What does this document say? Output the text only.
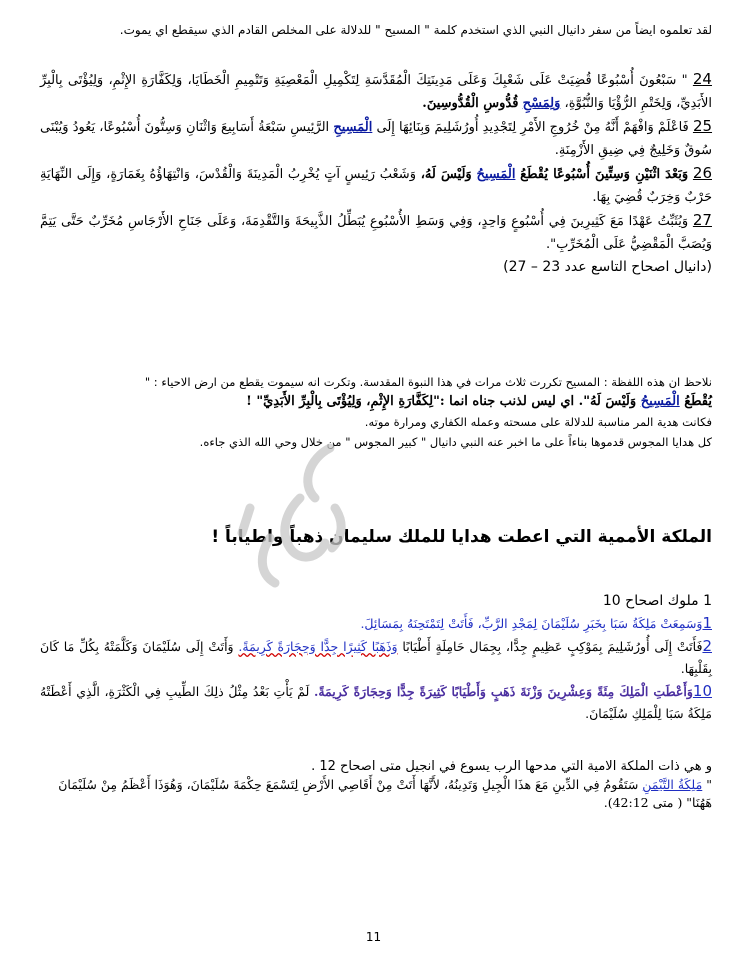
لقد تعلموه ايضاً من سفر دانيال النبي الذي استخدم كلمة " المسيح " للدلالة على المخلص القادم الذي سيقطع اي يموت.

24 " سَبْعُونَ أُسْبُوعًا قُضِيَتْ عَلَى شَعْبِكَ وَعَلَى مَدِينَتِكَ الْمُقَدَّسَةِ لِتَكْمِيلِ الْمَعْصِيَةِ وَتَتْمِيمِ الْخَطَايَا، وَلِكَفَّارَةِ الإِثْمِ، وَلِيُؤْتَى بِالْبِرِّ الأَبَدِيِّ، وَلِخَتْمِ الرُّؤْيَا وَالنُّبُوَّةِ، وَلِمَسْحِ قُدُّوسِ الْقُدُّوسِينَ.

25 فَاعْلَمْ وَافْهَمْ أَنَّهُ مِنْ خُرُوجِ الأَمْرِ لِتَجْدِيدِ أُورُشَلِيمَ وَبِنَائِهَا إِلَى الْمَسِيحِ الرَّئِيسِ سَبْعَةُ أَسَابِيعَ وَاثْنَانِ وَسِتُّونَ أُسْبُوعًا، يَعُودُ وَيُبْنَى سُوقٌ وَخَلِيجٌ فِي ضِيقِ الأَزْمِنَةِ.

26 وَبَعْدَ اثْنَيْنِ وَسِتِّينَ أُسْبُوعًا يُقْطَعُ الْمَسِيحُ وَلَيْسَ لَهُ، وَشَعْبُ رَئِيسٍ آتٍ يُخْرِبُ الْمَدِينَةَ وَالْقُدْسَ، وَانْتِهَاؤُهُ بِغَمَارَةٍ، وَإِلَى النِّهَايَةِ حَرْبٌ وَخِرَبٌ قُضِيَ بِهَا.

27 وَيُثَبِّتُ عَهْدًا مَعَ كَثِيرِينَ فِي أُسْبُوعٍ وَاحِدٍ، وَفِي وَسَطِ الأُسْبُوعِ يُبَطِّلُ الذَّبِيحَةَ وَالتَّقْدِمَةَ، وَعَلَى جَنَاحِ الأَرْجَاسِ مُخَرِّبٌ حَتَّى يَتِمَّ وَيُصَبَّ الْمَقْضِيُّ عَلَى الْمُخَرِّبِ".

(دانيال اصحاح التاسع عدد 23 – 27)

نلاحظ ان هذه اللفظة : المسيح تكررت ثلاث مرات في هذا النبوة المقدسة. وتكرت انه سيموت يقطع من ارض الاحياء : "

يُقْطَعُ الْمَسِيحُ وَلَيْسَ لَهُ". اي ليس لذنب جناه انما :"لِكَفَّارَةِ الإِثْمِ، وَلِيُؤْتَى بِالْبِرِّ الأَبَدِيِّ" !

فكانت هدية المر مناسبة للدلالة على مسحته وعمله الكفاري ومرارة موته.

كل هدايا المجوس قدموها بناءاً على ما اخبر عنه النبي دانيال " كبير المجوس " من خلال وحي الله الذي جاءه.

الملكة الأممية التي اعطت هدايا للملك سليمان ذهباً واطياباً !

1 ملوك اصحاح 10

1وَسَمِعَتْ مَلِكَةُ سَبَا بِخَبَرِ سُلَيْمَانَ لِمَجْدِ الرَّبِّ، فَأَتَتْ لِتَمْتَحِنَهُ بِمَسَائِلَ.

2فَأَتَتْ إِلَى أُورُشَلِيمَ بِمَوْكِبٍ عَظِيمٍ جِدًّا، بِجِمَال حَامِلَةٍ أَطْيَابًا وَذَهَبًا كَثِيرًا جِدًّا وَحِجَارَةً كَرِيمَةً. وَأَتَتْ إِلَى سُلَيْمَانَ وَكَلَّمَتْهُ بِكُلِّ مَا كَانَ بِقَلْبِهَا.

10وَأَعْطَتِ الْمَلِكَ مِئَةً وَعِشْرِينَ وَزْنَةَ ذَهَبٍ وَأَطْيَابًا كَثِيرَةً جِدًّا وَحِجَارَةً كَرِيمَةً. لَمْ يَأْتِ بَعْدُ مِثْلُ ذلِكَ الطِّيبِ فِي الْكَثْرَةِ، الَّذِي أَعْطَتْهُ مَلِكَةُ سَبَا لِلْمَلِكِ سُلَيْمَانَ.

و هي ذات الملكة الامية التي مدحها الرب يسوع في انجيل متى اصحاح 12 .

" مَلِكَةُ التَّيْمَنِ سَتَقُومُ فِي الدِّينِ مَعَ هذَا الْجِيلِ وَتَدِينُهُ، لأَنَّهَا أَتَتْ مِنْ أَقَاصِي الأَرْضِ لِتَسْمَعَ حِكْمَةَ سُلَيْمَانَ، وَهُوَذَا أَعْظَمُ مِنْ سُلَيْمَانَ هَهُنَا" ( متى 42:12).

11
